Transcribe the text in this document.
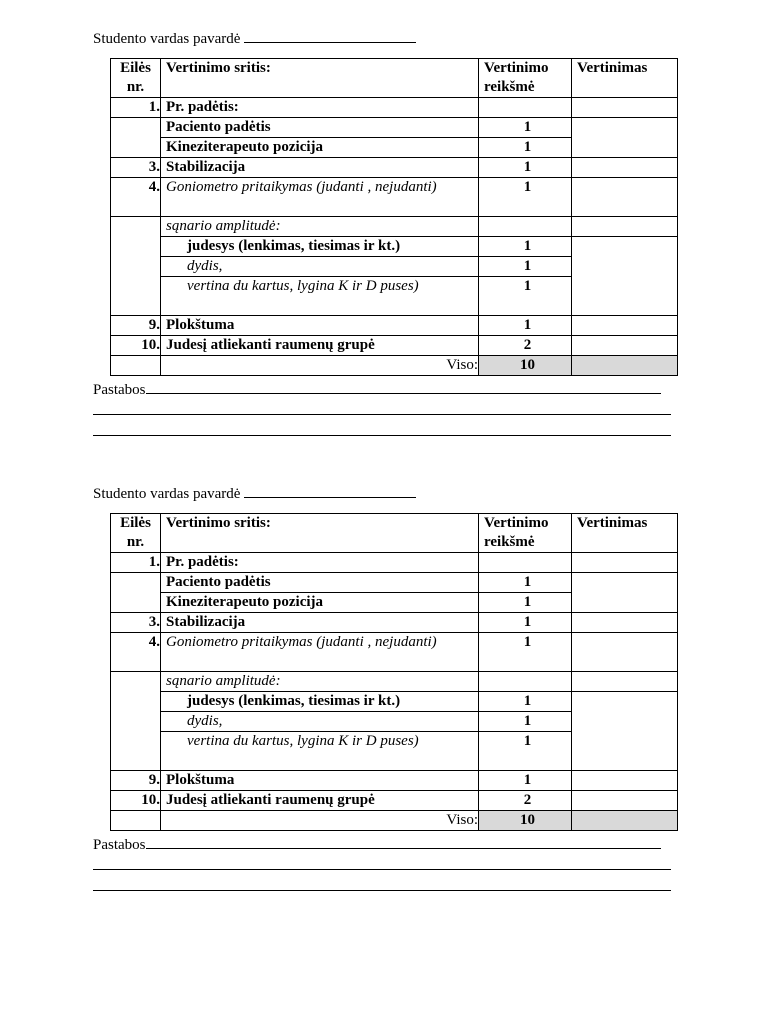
Studento vardas pavardė
Eilės nr.	Vertinimo sritis:	Vertinimo reikšmė	Vertinimas
1.	Pr. padėtis:		
	Paciento padėtis	1	
	Kineziterapeuto pozicija	1	
3.	Stabilizacija	1	
4.	Goniometro pritaikymas (judanti , nejudanti)	1	
	sąnario amplitudė:		

	judesys (lenkimas, tiesimas ir kt.)	1	

	dydis,	1	

	vertina du kartus, lygina K ir D puses)	1	
9.	Plokštuma	1	
10.	Judesį atliekanti raumenų grupė	2	
	Viso:	10	
Pastabos
Studento vardas pavardė
Eilės nr.	Vertinimo sritis:	Vertinimo reikšmė	Vertinimas
1.	Pr. padėtis:		
	Paciento padėtis	1	
	Kineziterapeuto pozicija	1	
3.	Stabilizacija	1	
4.	Goniometro pritaikymas (judanti , nejudanti)	1	
	sąnario amplitudė:		

	judesys (lenkimas, tiesimas ir kt.)	1	

	dydis,	1	

	vertina du kartus, lygina K ir D puses)	1	
9.	Plokštuma	1	
10.	Judesį atliekanti raumenų grupė	2	
	Viso:	10	
Pastabos
